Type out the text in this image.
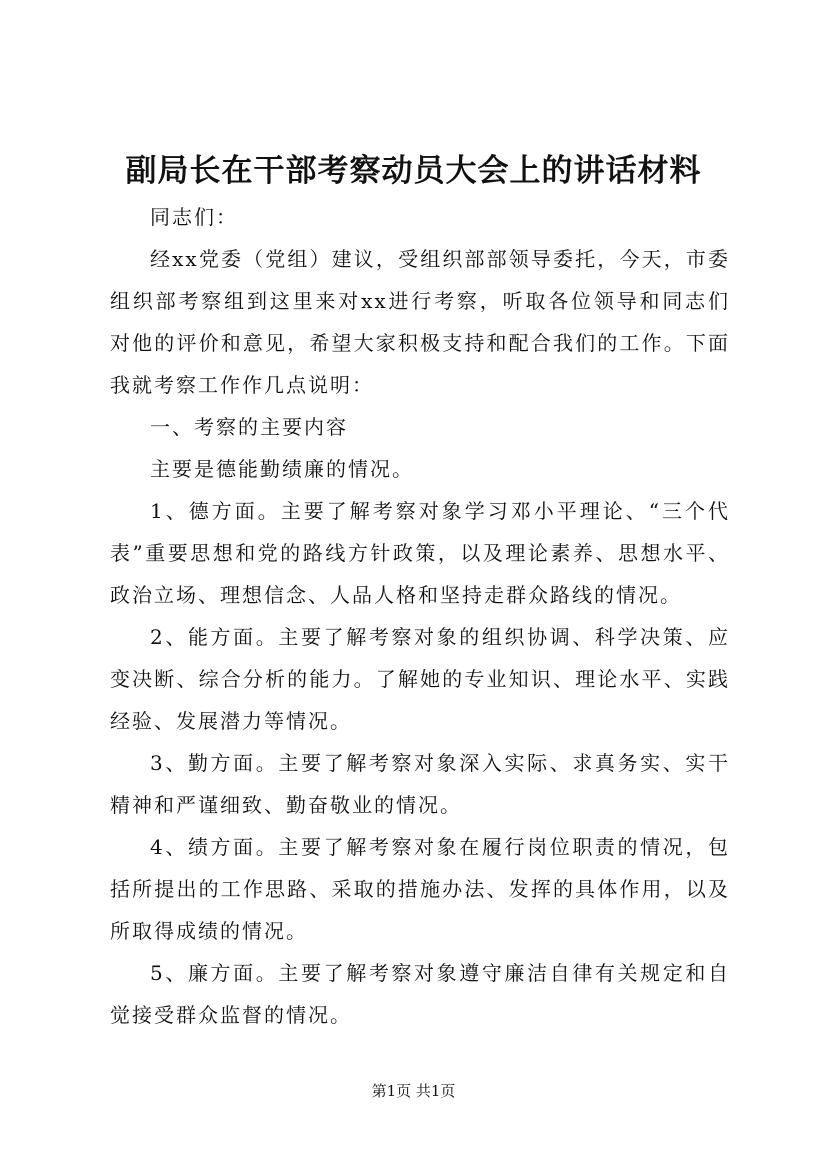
副局长在干部考察动员大会上的讲话材料

同志们：

经xx党委（党组）建议，受组织部部领导委托，今天，市委组织部考察组到这里来对xx进行考察，听取各位领导和同志们对他的评价和意见，希望大家积极支持和配合我们的工作。下面我就考察工作作几点说明：

一、考察的主要内容

主要是德能勤绩廉的情况。

1、德方面。主要了解考察对象学习邓小平理论、“三个代表”重要思想和党的路线方针政策，以及理论素养、思想水平、政治立场、理想信念、人品人格和坚持走群众路线的情况。

2、能方面。主要了解考察对象的组织协调、科学决策、应变决断、综合分析的能力。了解她的专业知识、理论水平、实践经验、发展潜力等情况。

3、勤方面。主要了解考察对象深入实际、求真务实、实干精神和严谨细致、勤奋敬业的情况。

4、绩方面。主要了解考察对象在履行岗位职责的情况，包括所提出的工作思路、采取的措施办法、发挥的具体作用，以及所取得成绩的情况。

5、廉方面。主要了解考察对象遵守廉洁自律有关规定和自觉接受群众监督的情况。

第1页 共1页
